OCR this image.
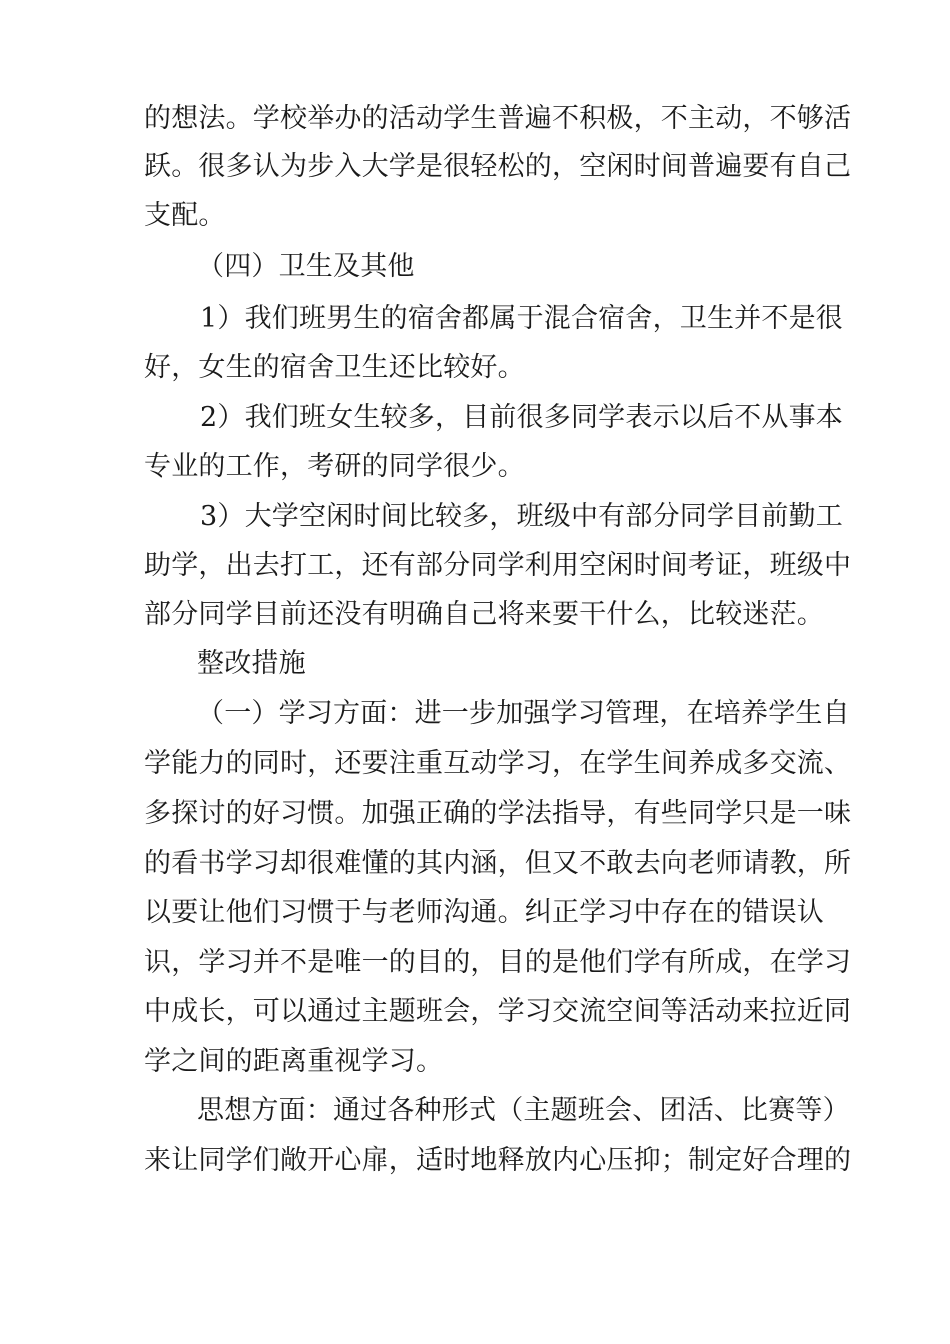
的想法。学校举办的活动学生普遍不积极，不主动，不够活
跃。很多认为步入大学是很轻松的，空闲时间普遍要有自己
支配。
（四）卫生及其他
1）我们班男生的宿舍都属于混合宿舍，卫生并不是很
好，女生的宿舍卫生还比较好。
2）我们班女生较多，目前很多同学表示以后不从事本
专业的工作，考研的同学很少。
3）大学空闲时间比较多，班级中有部分同学目前勤工
助学，出去打工，还有部分同学利用空闲时间考证，班级中
部分同学目前还没有明确自己将来要干什么，比较迷茫。
整改措施
（一）学习方面：进一步加强学习管理，在培养学生自
学能力的同时，还要注重互动学习，在学生间养成多交流、
多探讨的好习惯。加强正确的学法指导，有些同学只是一味
的看书学习却很难懂的其内涵，但又不敢去向老师请教，所
以要让他们习惯于与老师沟通。纠正学习中存在的错误认
识，学习并不是唯一的目的，目的是他们学有所成，在学习
中成长，可以通过主题班会，学习交流空间等活动来拉近同
学之间的距离重视学习。
思想方面：通过各种形式（主题班会、团活、比赛等）
来让同学们敞开心扉，适时地释放内心压抑；制定好合理的
